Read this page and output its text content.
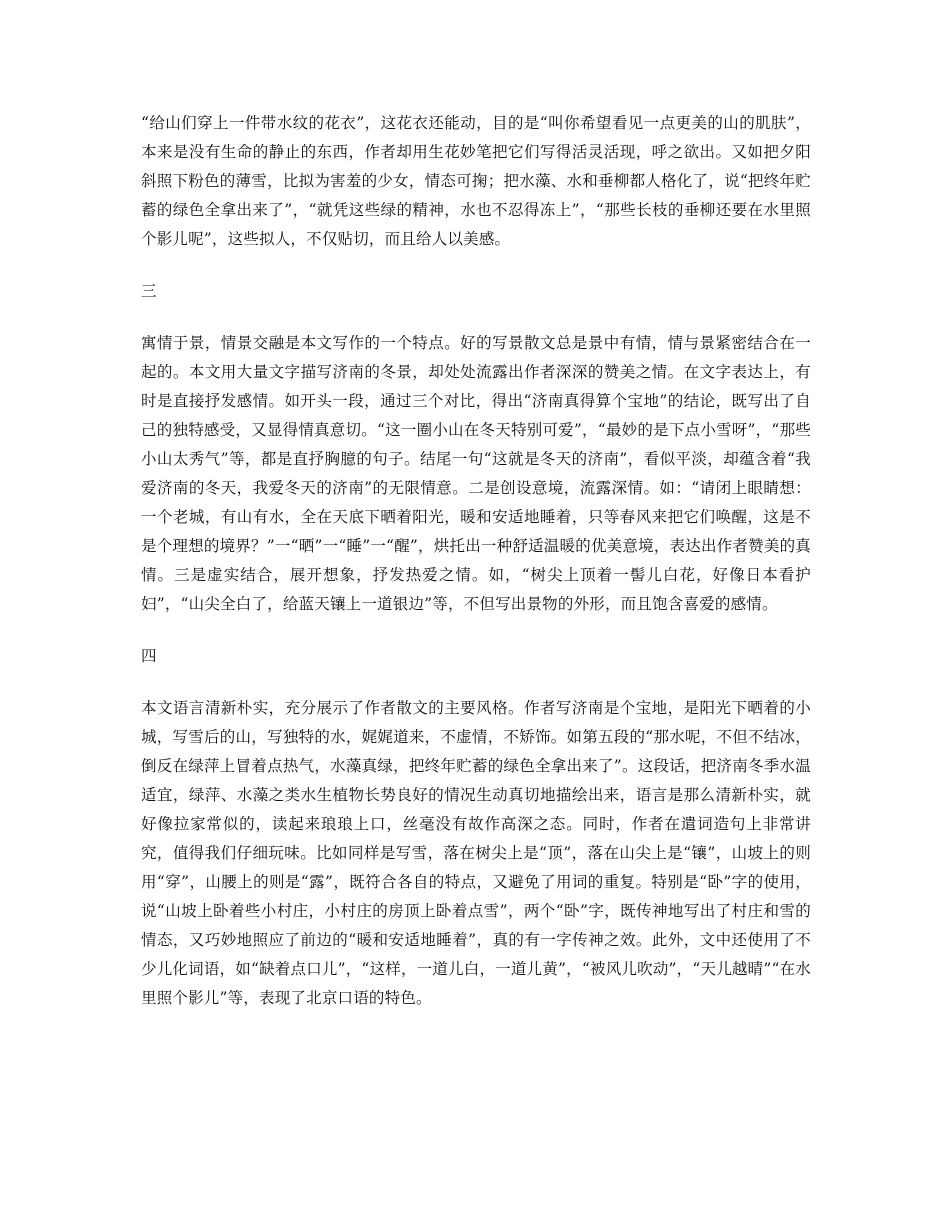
“给山们穿上一件带水纹的花衣”，这花衣还能动，目的是“叫你希望看见一点更美的山的肌肤”，本来是没有生命的静止的东西，作者却用生花妙笔把它们写得活灵活现，呼之欲出。又如把夕阳斜照下粉色的薄雪，比拟为害羞的少女，情态可掬；把水藻、水和垂柳都人格化了，说“把终年贮蓄的绿色全拿出来了”，“就凭这些绿的精神，水也不忍得冻上”，“那些长枝的垂柳还要在水里照个影儿呢”，这些拟人，不仅贴切，而且给人以美感。

三

寓情于景，情景交融是本文写作的一个特点。好的写景散文总是景中有情，情与景紧密结合在一起的。本文用大量文字描写济南的冬景，却处处流露出作者深深的赞美之情。在文字表达上，有时是直接抒发感情。如开头一段，通过三个对比，得出“济南真得算个宝地”的结论，既写出了自己的独特感受，又显得情真意切。“这一圈小山在冬天特别可爱”，“最妙的是下点小雪呀”，“那些小山太秀气”等，都是直抒胸臆的句子。结尾一句“这就是冬天的济南”，看似平淡，却蕴含着“我爱济南的冬天，我爱冬天的济南”的无限情意。二是创设意境，流露深情。如：“请闭上眼睛想：一个老城，有山有水，全在天底下晒着阳光，暖和安适地睡着，只等春风来把它们唤醒，这是不是个理想的境界？”一“晒”一“睡”一“醒”，烘托出一种舒适温暖的优美意境，表达出作者赞美的真情。三是虚实结合，展开想象，抒发热爱之情。如，“树尖上顶着一髻儿白花，好像日本看护妇”，“山尖全白了，给蓝天镶上一道银边”等，不但写出景物的外形，而且饱含喜爱的感情。

四

本文语言清新朴实，充分展示了作者散文的主要风格。作者写济南是个宝地，是阳光下晒着的小城，写雪后的山，写独特的水，娓娓道来，不虚情，不矫饰。如第五段的“那水呢，不但不结冰，倒反在绿萍上冒着点热气，水藻真绿，把终年贮蓄的绿色全拿出来了”。这段话，把济南冬季水温适宜，绿萍、水藻之类水生植物长势良好的情况生动真切地描绘出来，语言是那么清新朴实，就好像拉家常似的，读起来琅琅上口，丝毫没有故作高深之态。同时，作者在遣词造句上非常讲究，值得我们仔细玩味。比如同样是写雪，落在树尖上是“顶”，落在山尖上是“镶”，山坡上的则用“穿”，山腰上的则是“露”，既符合各自的特点，又避免了用词的重复。特别是“卧”字的使用，说“山坡上卧着些小村庄，小村庄的房顶上卧着点雪”，两个“卧”字，既传神地写出了村庄和雪的情态，又巧妙地照应了前边的“暖和安适地睡着”，真的有一字传神之效。此外，文中还使用了不少儿化词语，如“缺着点口儿”，“这样，一道儿白，一道儿黄”，“被风儿吹动”，“天儿越晴”“在水里照个影儿”等，表现了北京口语的特色。
